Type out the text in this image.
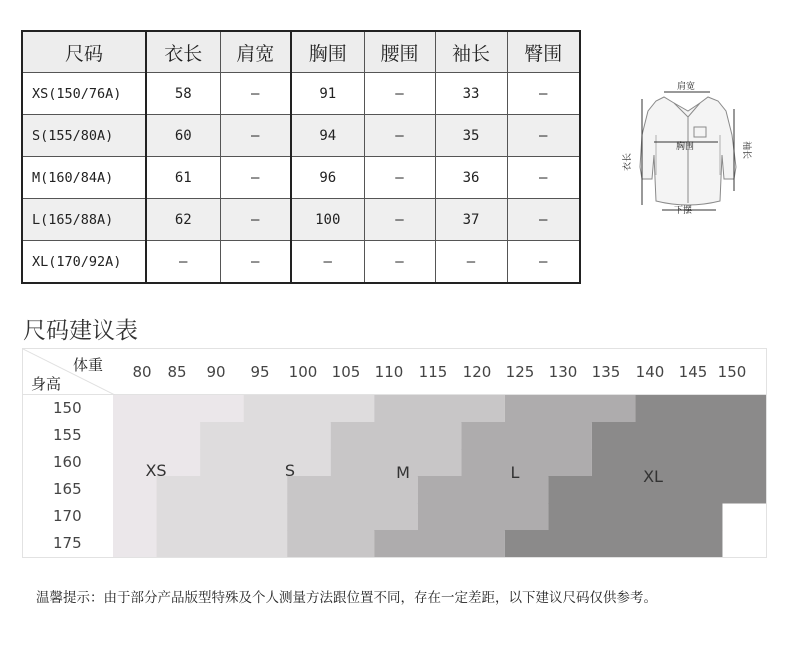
尺码	衣长	肩宽	胸围	腰围	袖长	臀围
XS(150/76A)	58	–	91	–	33	–
S(155/80A)	60	–	94	–	35	–
M(160/84A)	61	–	96	–	36	–
L(165/88A)	62	–	100	–	37	–
XL(170/92A)	–	–	–	–	–	–
肩宽
胸围
衣长
袖长
下摆
尺码建议表
体重
身高
80 85 90 95 100 105 110 115 120 125 130 135 140 145 150
150
155
160
165
170
175
XS	S	M	L	XL
温馨提示：由于部分产品版型特殊及个人测量方法跟位置不同，存在一定差距，以下建议尺码仅供参考。
